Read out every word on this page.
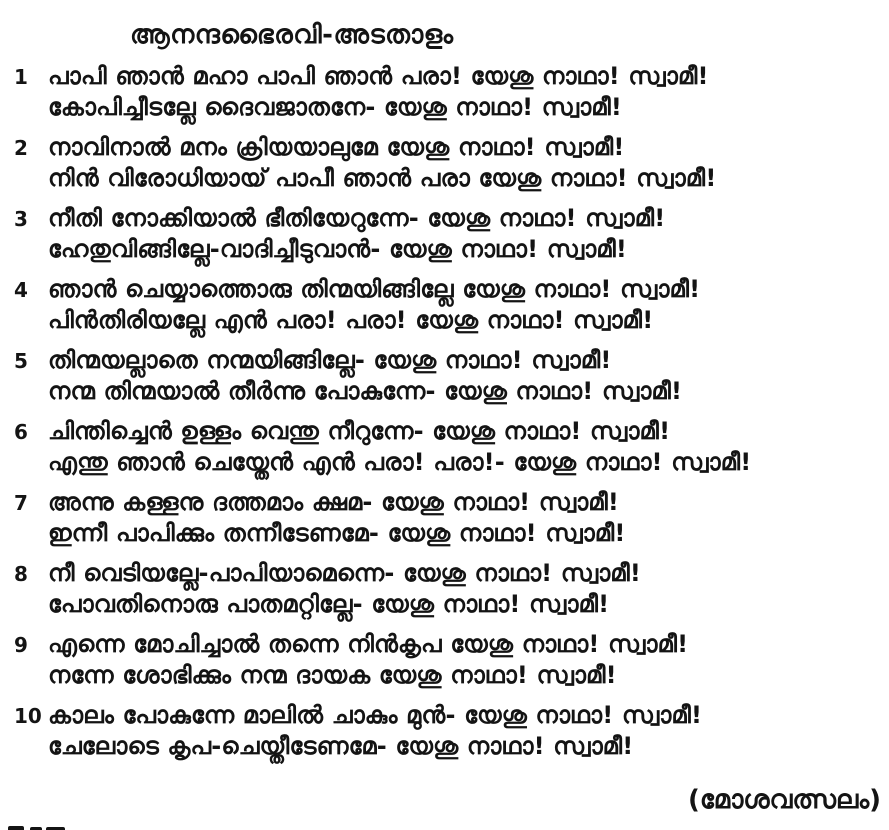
ആനന്ദഭൈരവി-അടതാളം
1 പാപി ഞാൻ മഹാ പാപി ഞാൻ പരാ! യേശു നാഥാ! സ്വാമീ!
കോപിച്ചീടല്ലേ ദൈവജാതനേ- യേശു നാഥാ! സ്വാമീ!
2 നാവിനാൽ മനം ക്രിയയാലുമേ യേശു നാഥാ! സ്വാമീ!
നിൻ വിരോധിയായ് പാപീ ഞാൻ പരാ യേശു നാഥാ! സ്വാമീ!
3 നീതി നോക്കിയാൽ ഭീതിയേറുന്നേ- യേശു നാഥാ! സ്വാമീ!
ഹേതുവിങ്ങില്ലേ-വാദിച്ചീടുവാൻ- യേശു നാഥാ! സ്വാമീ!
4 ഞാൻ ചെയ്യാത്തൊരു തിന്മയിങ്ങില്ലേ യേശു നാഥാ! സ്വാമീ!
പിൻതിരിയല്ലേ എൻ പരാ! പരാ! യേശു നാഥാ! സ്വാമീ!
5 തിന്മയല്ലാതെ നന്മയിങ്ങില്ലേ- യേശു നാഥാ! സ്വാമീ!
നന്മ തിന്മയാൽ തീർന്നു പോകുന്നേ- യേശു നാഥാ! സ്വാമീ!
6 ചിന്തിച്ചെൻ ഉള്ളം വെന്തു നീറുന്നേ- യേശു നാഥാ! സ്വാമീ!
എന്തു ഞാൻ ചെയ്തേൻ എൻ പരാ! പരാ!- യേശു നാഥാ! സ്വാമീ!
7 അന്നു കള്ളനു ദത്തമാം ക്ഷമ- യേശു നാഥാ! സ്വാമീ!
ഇന്നീ പാപിക്കും തന്നീടേണമേ- യേശു നാഥാ! സ്വാമീ!
8 നീ വെടിയല്ലേ-പാപിയാമെന്നെ- യേശു നാഥാ! സ്വാമീ!
പോവതിനൊരു പാതമറ്റില്ലേ- യേശു നാഥാ! സ്വാമീ!
9 എന്നെ മോചിച്ചാൽ തന്നെ നിൻകൃപ യേശു നാഥാ! സ്വാമീ!
നന്നേ ശോഭിക്കും നന്മ ദായക യേശു നാഥാ! സ്വാമീ!
10 കാലം പോകുന്നേ മാലിൽ ചാകും മുൻ- യേശു നാഥാ! സ്വാമീ!
ചേലോടെ കൃപ-ചെയ്തീടേണമേ- യേശു നാഥാ! സ്വാമീ!
(മോശവത്സലം)
